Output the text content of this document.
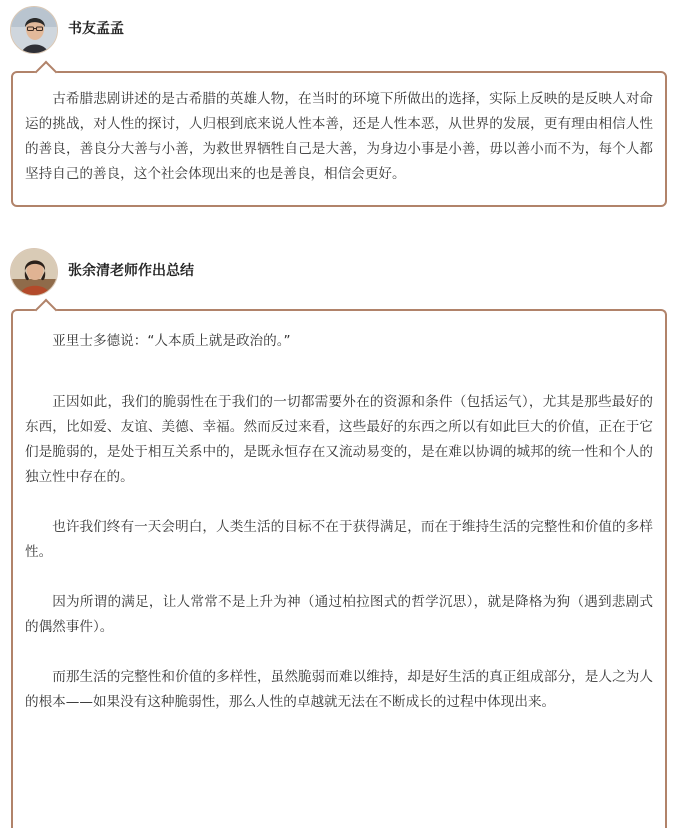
书友孟孟

古希腊悲剧讲述的是古希腊的英雄人物，在当时的环境下所做出的选择，实际上反映的是反映人对命运的挑战，对人性的探讨，人归根到底来说人性本善，还是人性本恶，从世界的发展，更有理由相信人性的善良，善良分大善与小善，为救世界牺牲自己是大善，为身边小事是小善，毋以善小而不为，每个人都坚持自己的善良，这个社会体现出来的也是善良，相信会更好。

张余清老师作出总结

亚里士多德说：“人本质上就是政治的。”

正因如此，我们的脆弱性在于我们的一切都需要外在的资源和条件（包括运气），尤其是那些最好的东西，比如爱、友谊、美德、幸福。然而反过来看，这些最好的东西之所以有如此巨大的价值，正在于它们是脆弱的，是处于相互关系中的，是既永恒存在又流动易变的，是在难以协调的城邦的统一性和个人的独立性中存在的。

也许我们终有一天会明白，人类生活的目标不在于获得满足，而在于维持生活的完整性和价值的多样性。

因为所谓的满足，让人常常不是上升为神（通过柏拉图式的哲学沉思），就是降格为狗（遇到悲剧式的偶然事件）。

而那生活的完整性和价值的多样性，虽然脆弱而难以维持，却是好生活的真正组成部分，是人之为人的根本——如果没有这种脆弱性，那么人性的卓越就无法在不断成长的过程中体现出来。
